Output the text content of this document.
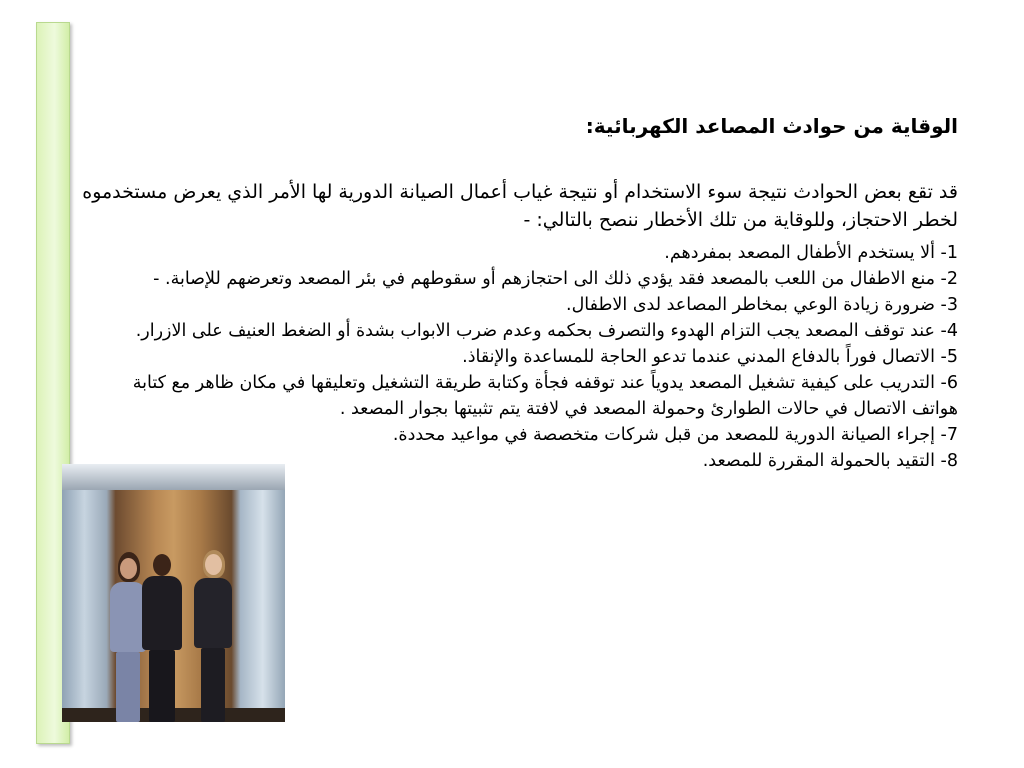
الوقاية من حوادث المصاعد الكهربائية:

قد تقع بعض الحوادث نتيجة سوء الاستخدام أو نتيجة غياب أعمال الصيانة الدورية لها الأمر الذي يعرض مستخدموه لخطر الاحتجاز، وللوقاية من تلك الأخطار ننصح بالتالي: -

1- ألا يستخدم الأطفال المصعد بمفردهم.
2- منع الاطفال من اللعب بالمصعد فقد يؤدي ذلك الى احتجازهم أو سقوطهم في بئر المصعد وتعرضهم للإصابة. -
3- ضرورة زيادة الوعي بمخاطر المصاعد لدى الاطفال.
4- عند توقف المصعد يجب التزام الهدوء والتصرف بحكمه وعدم ضرب الابواب بشدة أو الضغط العنيف على الازرار.
5- الاتصال فوراً بالدفاع المدني عندما تدعو الحاجة للمساعدة والإنقاذ.
6- التدريب على كيفية تشغيل المصعد يدوياً عند توقفه فجأة وكتابة طريقة التشغيل وتعليقها في مكان ظاهر مع كتابة هواتف الاتصال في حالات الطوارئ وحمولة المصعد في لافتة يتم تثبيتها بجوار المصعد .
7- إجراء الصيانة الدورية للمصعد من قبل شركات متخصصة في مواعيد محددة.
8- التقيد بالحمولة المقررة للمصعد.
